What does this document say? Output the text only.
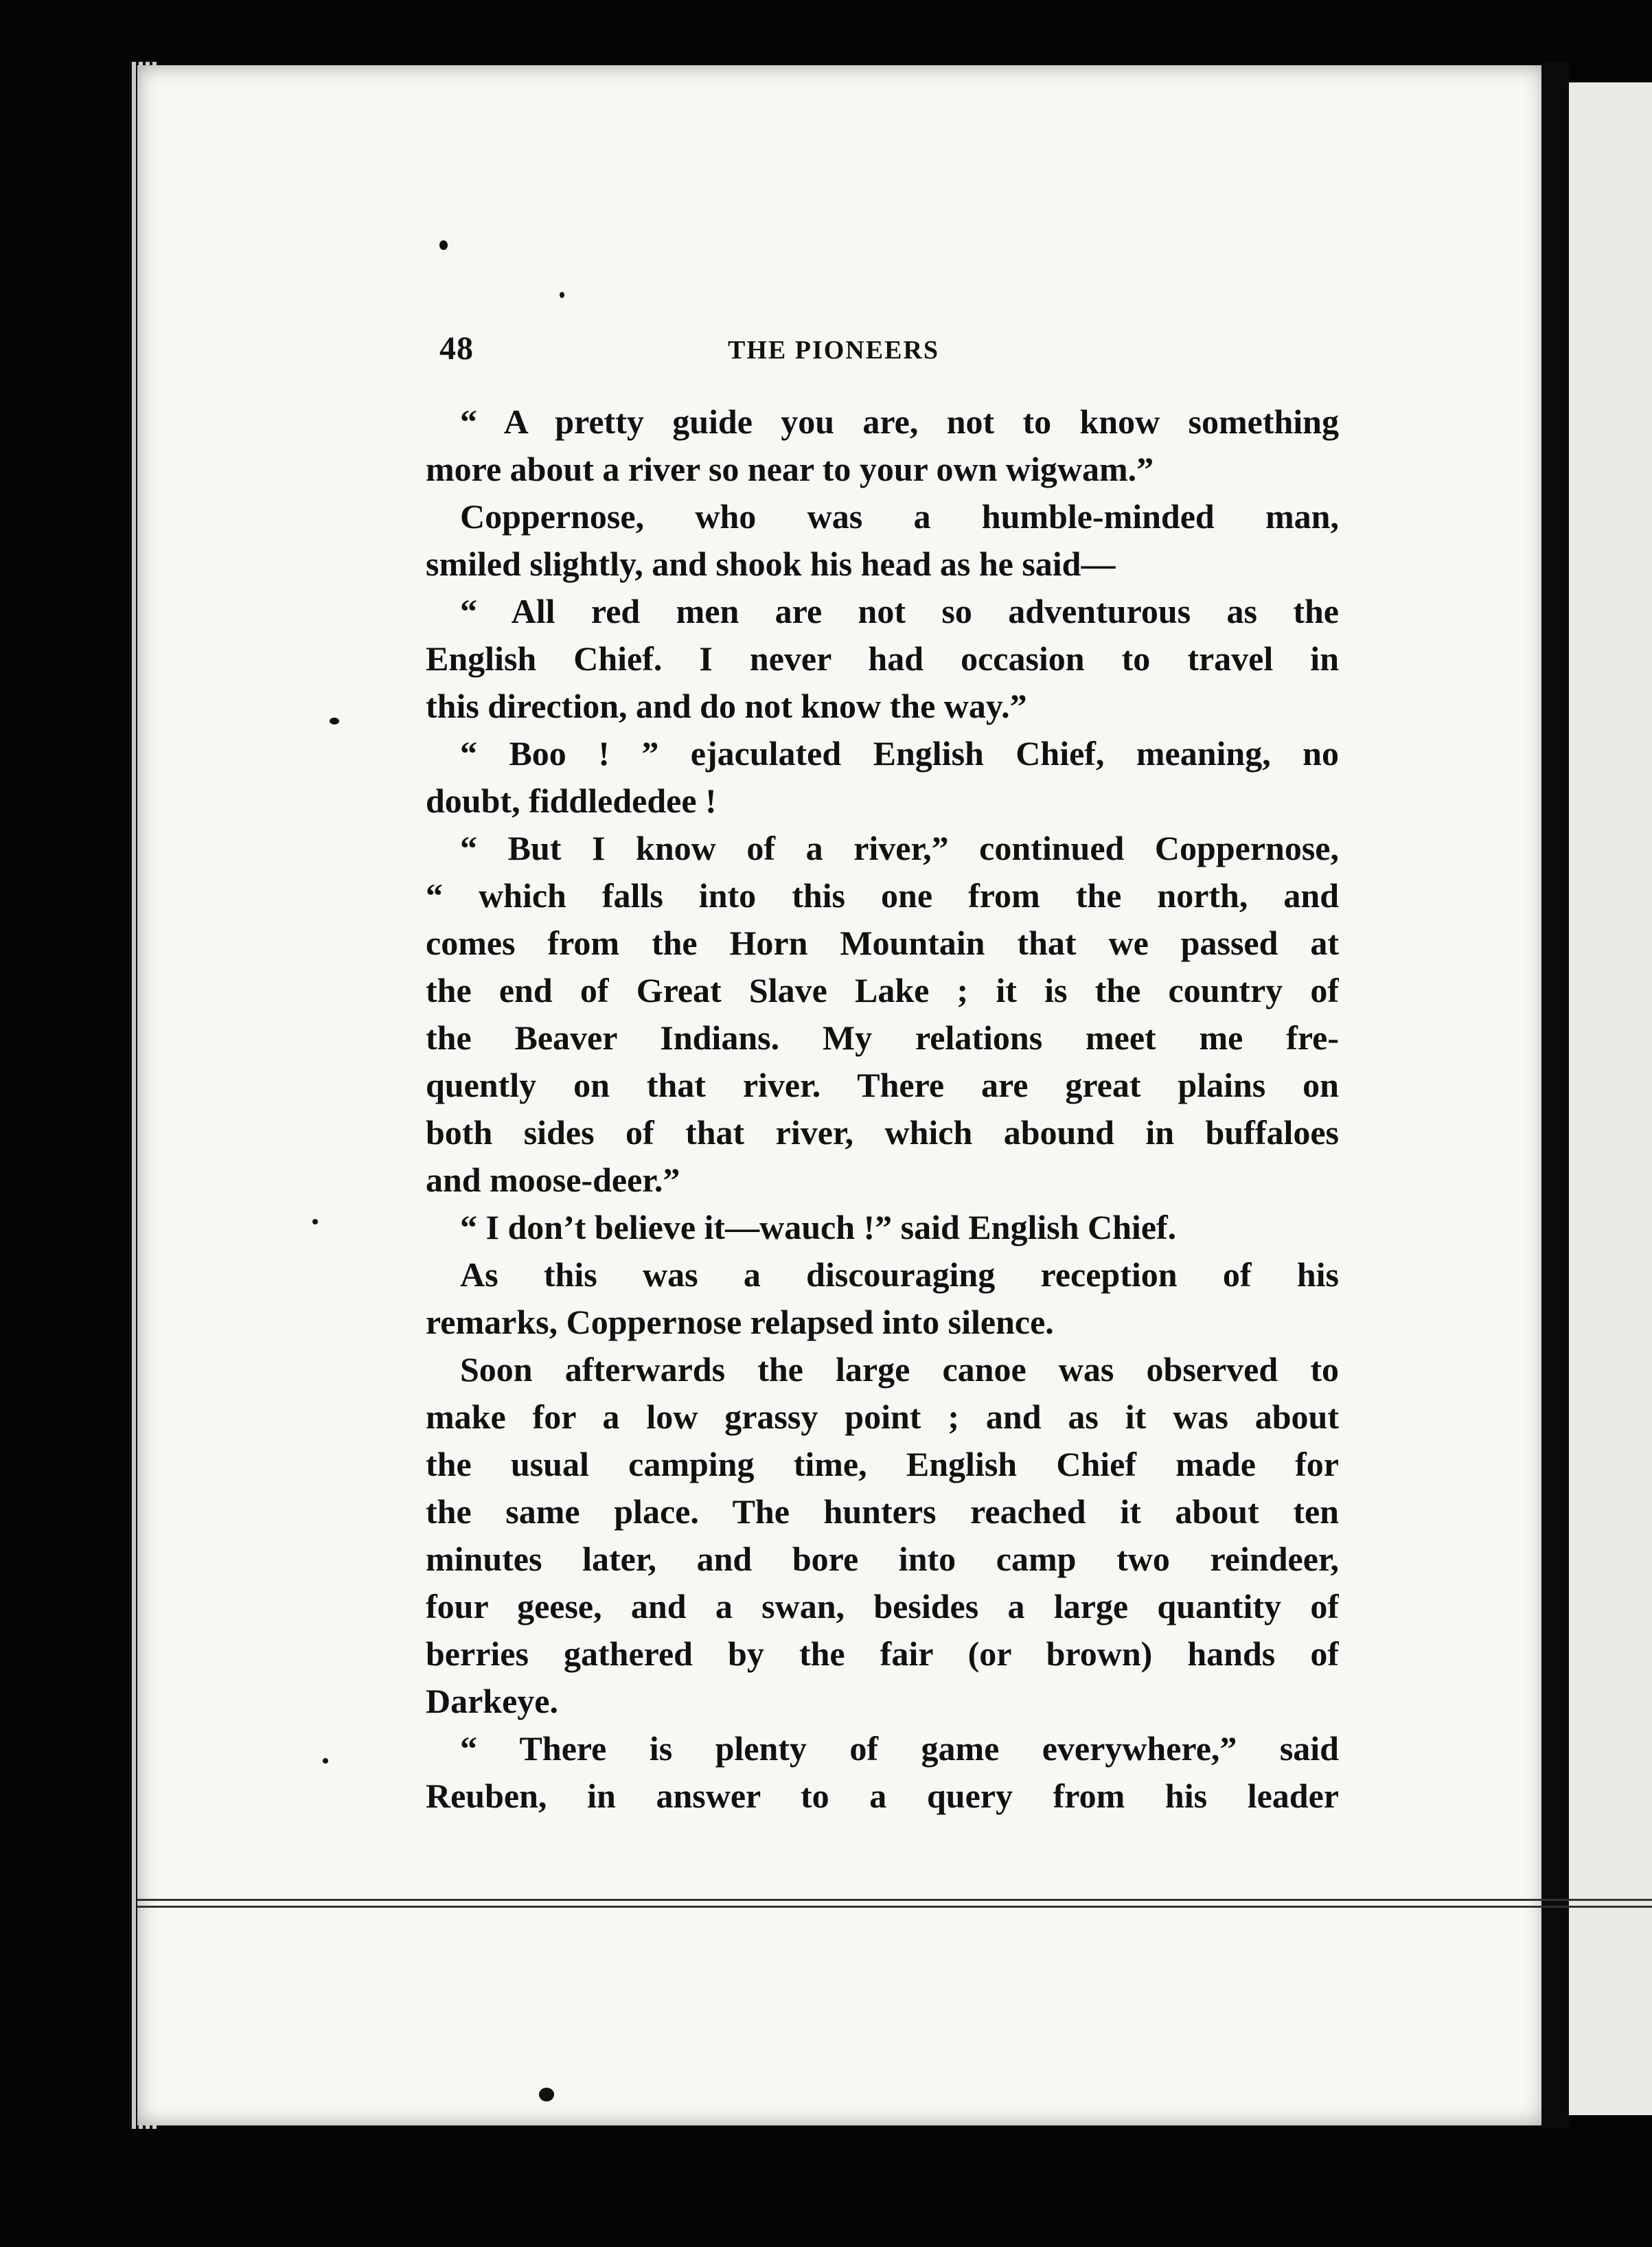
48	THE PIONEERS
“ A pretty guide you are, not to know something
more about a river so near to your own wigwam.”
Coppernose, who was a humble-minded man,
smiled slightly, and shook his head as he said—
“ All red men are not so adventurous as the
English Chief. I never had occasion to travel in
this direction, and do not know the way.”
“ Boo ! ” ejaculated English Chief, meaning, no
doubt, fiddlededee !
“ But I know of a river,” continued Coppernose,
“ which falls into this one from the north, and
comes from the Horn Mountain that we passed at
the end of Great Slave Lake ; it is the country of
the Beaver Indians. My relations meet me fre-
quently on that river. There are great plains on
both sides of that river, which abound in buffaloes
and moose-deer.”
“ I don’t believe it—wauch !” said English Chief.
As this was a discouraging reception of his
remarks, Coppernose relapsed into silence.
Soon afterwards the large canoe was observed to
make for a low grassy point ; and as it was about
the usual camping time, English Chief made for
the same place. The hunters reached it about ten
minutes later, and bore into camp two reindeer,
four geese, and a swan, besides a large quantity of
berries gathered by the fair (or brown) hands of
Darkeye.
“ There is plenty of game everywhere,” said
Reuben, in answer to a query from his leader
